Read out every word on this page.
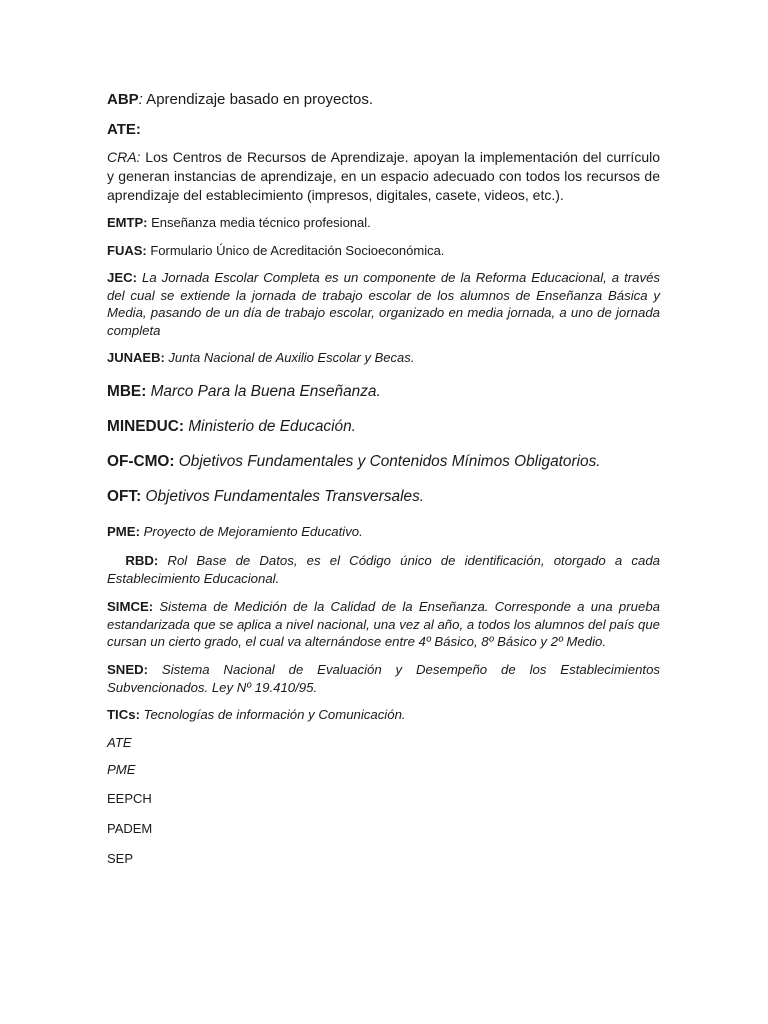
ABP: Aprendizaje basado en proyectos.

ATE:

CRA: Los Centros de Recursos de Aprendizaje. apoyan la implementación del currículo y generan instancias de aprendizaje, en un espacio adecuado con todos los recursos de aprendizaje del establecimiento (impresos, digitales, casete, videos, etc.).

EMTP: Enseñanza media técnico profesional.

FUAS: Formulario Único de Acreditación Socioeconómica.

JEC: La Jornada Escolar Completa es un componente de la Reforma Educacional, a través del cual se extiende la jornada de trabajo escolar de los alumnos de Enseñanza Básica y Media, pasando de un día de trabajo escolar, organizado en media jornada, a uno de jornada completa

JUNAEB: Junta Nacional de Auxilio Escolar y Becas.

MBE: Marco Para la Buena Enseñanza.

MINEDUC: Ministerio de Educación.

OF-CMO: Objetivos Fundamentales y Contenidos Mínimos Obligatorios.

OFT: Objetivos Fundamentales Transversales.

PME: Proyecto de Mejoramiento Educativo.

RBD: Rol Base de Datos, es el Código único de identificación, otorgado a cada Establecimiento Educacional.

SIMCE: Sistema de Medición de la Calidad de la Enseñanza. Corresponde a una prueba estandarizada que se aplica a nivel nacional, una vez al año, a todos los alumnos del país que cursan un cierto grado, el cual va alternándose entre 4º Básico, 8º Básico y 2º Medio.

SNED: Sistema Nacional de Evaluación y Desempeño de los Establecimientos Subvencionados. Ley Nº 19.410/95.

TICs: Tecnologías de información y Comunicación.

ATE

PME

EEPCH

PADEM

SEP
